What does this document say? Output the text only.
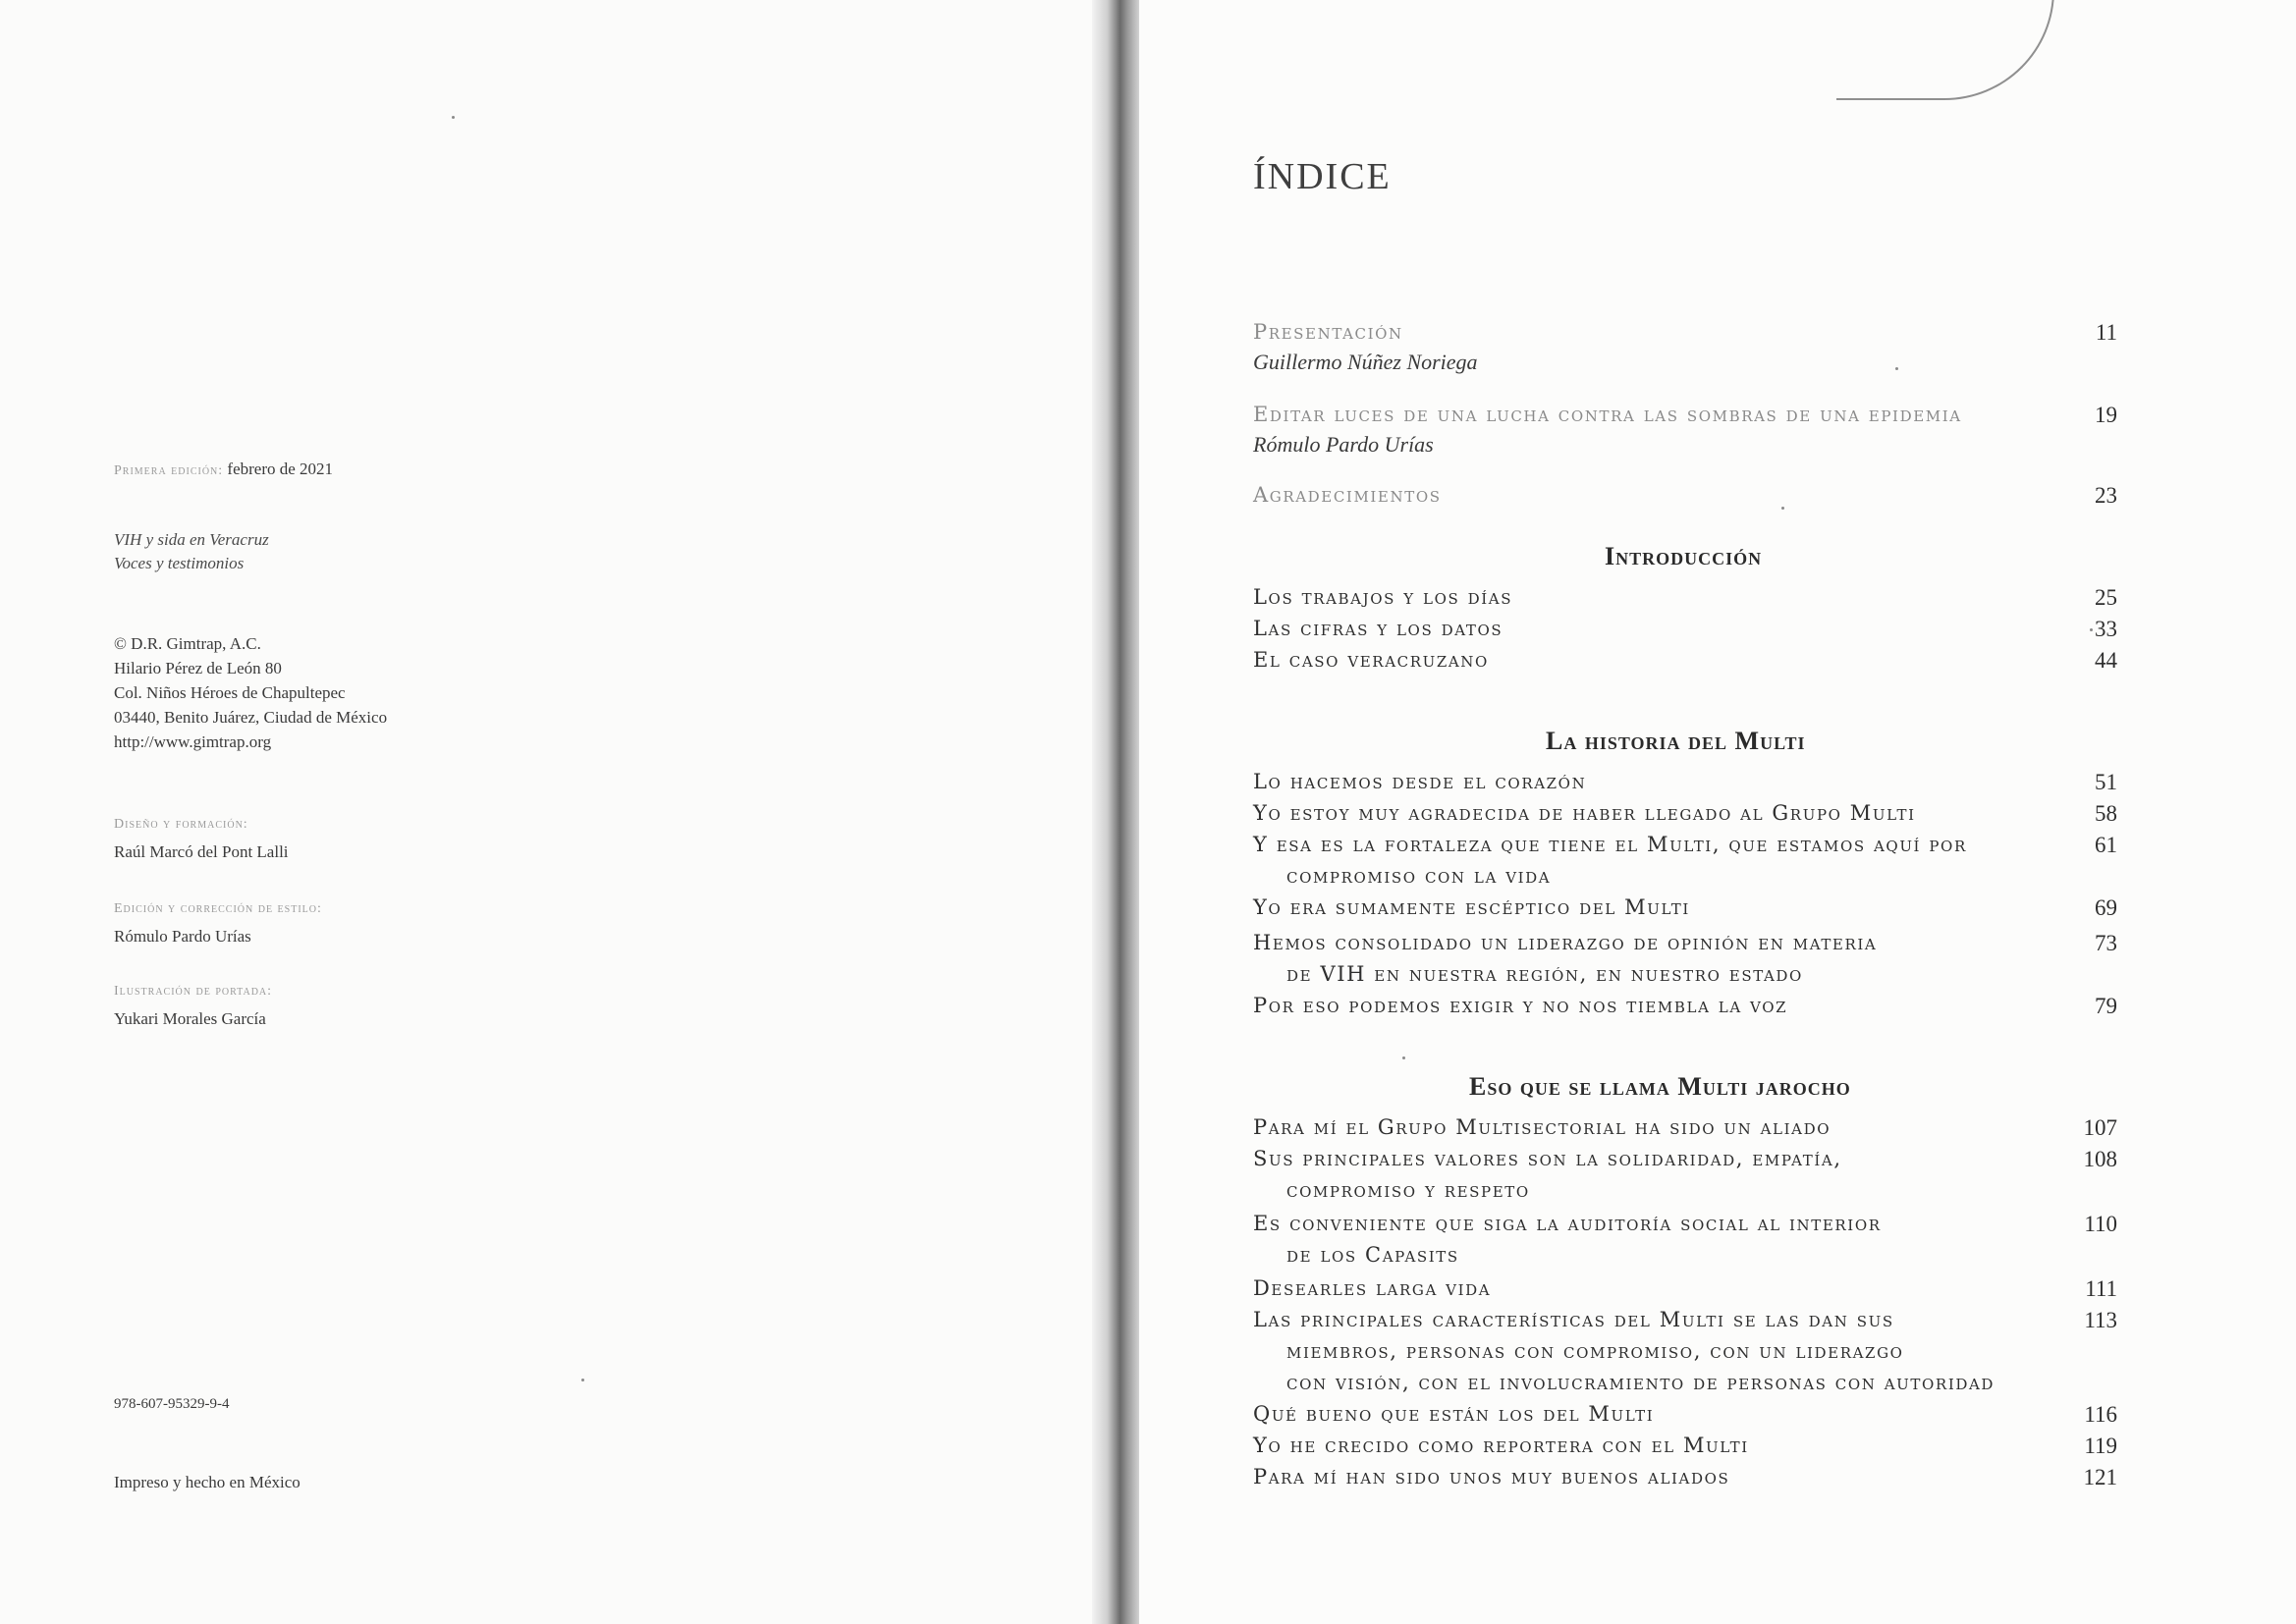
Primera edición: febrero de 2021
VIH y sida en Veracruz
Voces y testimonios
© D.R. Gimtrap, A.C.
Hilario Pérez de León 80
Col. Niños Héroes de Chapultepec
03440, Benito Juárez, Ciudad de México
http://www.gimtrap.org
Diseño y formación:
Raúl Marcó del Pont Lalli
Edición y corrección de estilo:
Rómulo Pardo Urías
Ilustración de portada:
Yukari Morales García
978-607-95329-9-4
Impreso y hecho en México
ÍNDICE
Presentación	11
Guillermo Núñez Noriega
Editar luces de una lucha contra las sombras de una epidemia	19
Rómulo Pardo Urías
Agradecimientos	23
Introducción
Los trabajos y los días	25
Las cifras y los datos	33
El caso veracruzano	44
La historia del Multi
Lo hacemos desde el corazón	51
Yo estoy muy agradecida de haber llegado al Grupo Multi	58
Y esa es la fortaleza que tiene el Multi, que estamos aquí por	61
compromiso con la vida
Yo era sumamente escéptico del Multi	69
Hemos consolidado un liderazgo de opinión en materia	73
de VIH en nuestra región, en nuestro estado
Por eso podemos exigir y no nos tiembla la voz	79
Eso que se llama Multi jarocho
Para mí el Grupo Multisectorial ha sido un aliado	107
Sus principales valores son la solidaridad, empatía,	108
compromiso y respeto
Es conveniente que siga la auditoría social al interior	110
de los Capasits
Desearles larga vida	111
Las principales características del Multi se las dan sus	113
miembros, personas con compromiso, con un liderazgo
con visión, con el involucramiento de personas con autoridad
Qué bueno que están los del Multi	116
Yo he crecido como reportera con el Multi	119
Para mí han sido unos muy buenos aliados	121
